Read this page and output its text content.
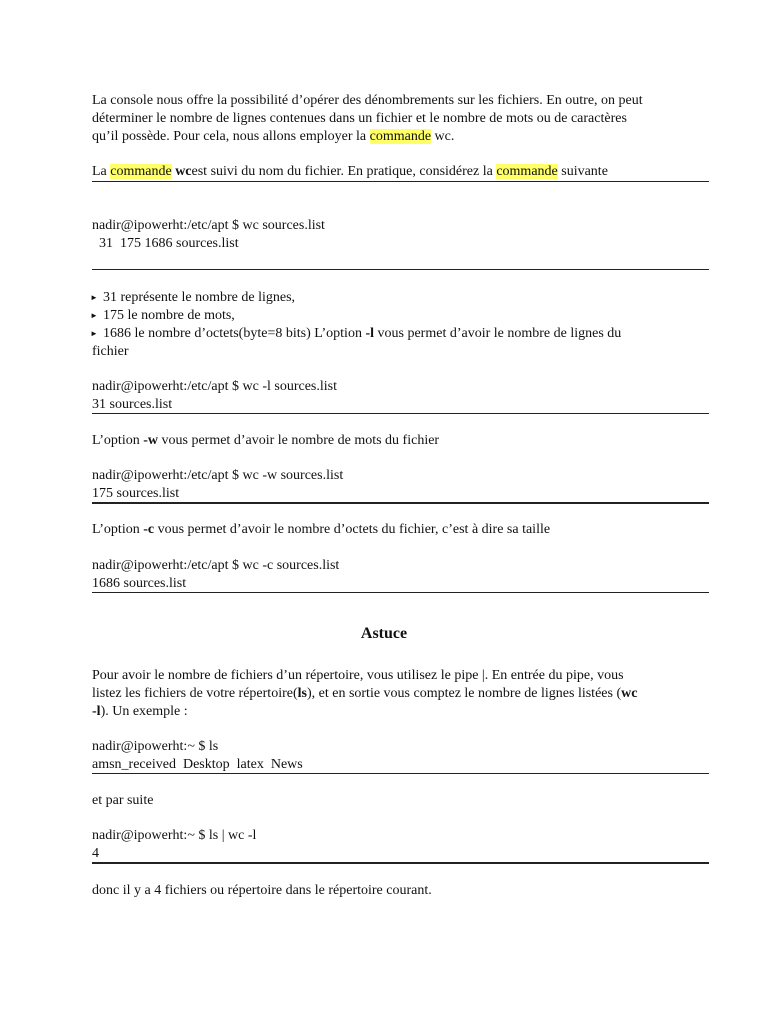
La console nous offre la possibilité d’opérer des dénombrements sur les fichiers. En outre, on peut
déterminer le nombre de lignes contenues dans un fichier et le nombre de mots ou de caractères
qu’il possède. Pour cela, nous allons employer la commande wc.
La commande wcest suivi du nom du fichier. En pratique, considérez la commande suivante
nadir@ipowerht:/etc/apt $ wc sources.list
31  175 1686 sources.list
► 31 représente le nombre de lignes,
► 175 le nombre de mots,
► 1686 le nombre d’octets(byte=8 bits) L’option -l vous permet d’avoir le nombre de lignes du
fichier
nadir@ipowerht:/etc/apt $ wc -l sources.list
31 sources.list
L’option -w vous permet d’avoir le nombre de mots du fichier
nadir@ipowerht:/etc/apt $ wc -w sources.list
175 sources.list
L’option -c vous permet d’avoir le nombre d’octets du fichier, c’est à dire sa taille
nadir@ipowerht:/etc/apt $ wc -c sources.list
1686 sources.list
Astuce
Pour avoir le nombre de fichiers d’un répertoire, vous utilisez le pipe |. En entrée du pipe, vous
listez les fichiers de votre répertoire(ls), et en sortie vous comptez le nombre de lignes listées (wc
-l). Un exemple :
nadir@ipowerht:~ $ ls
amsn_received  Desktop  latex  News
et par suite
nadir@ipowerht:~ $ ls | wc -l
4
donc il y a 4 fichiers ou répertoire dans le répertoire courant.
